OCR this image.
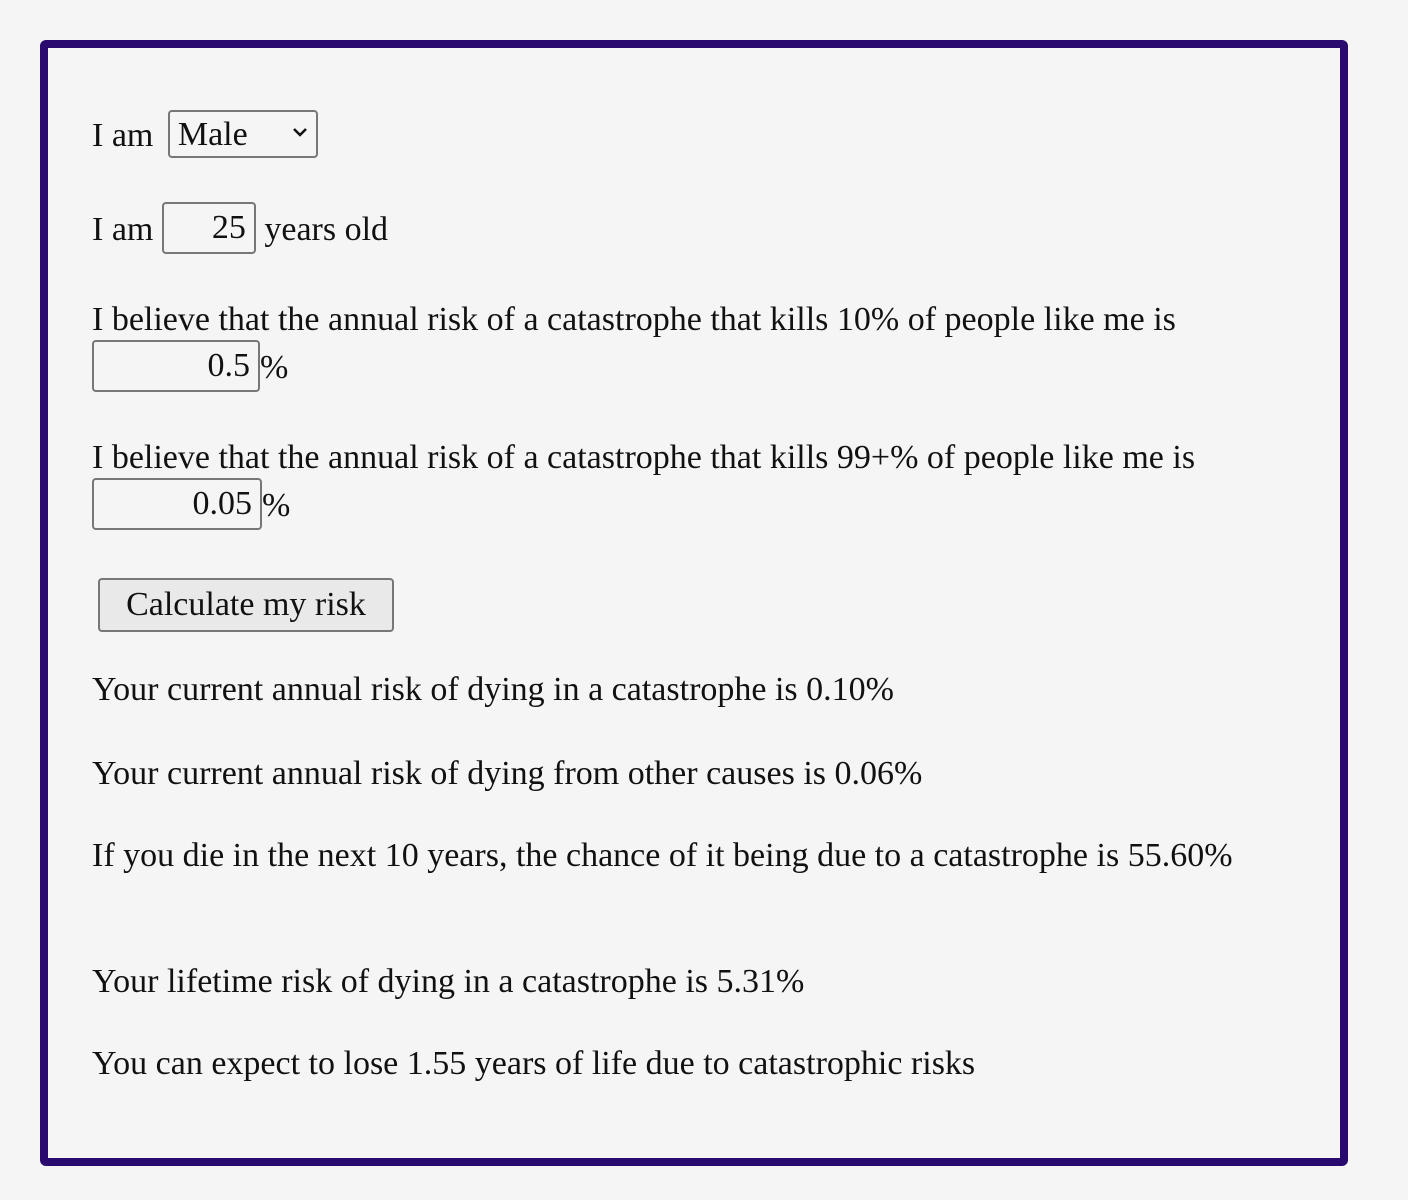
I am Male
I am 25 years old
I believe that the annual risk of a catastrophe that kills 10% of people like me is 0.5 %
I believe that the annual risk of a catastrophe that kills 99+% of people like me is 0.05 %
Calculate my risk
Your current annual risk of dying in a catastrophe is 0.10%
Your current annual risk of dying from other causes is 0.06%
If you die in the next 10 years, the chance of it being due to a catastrophe is 55.60%
Your lifetime risk of dying in a catastrophe is 5.31%
You can expect to lose 1.55 years of life due to catastrophic risks
